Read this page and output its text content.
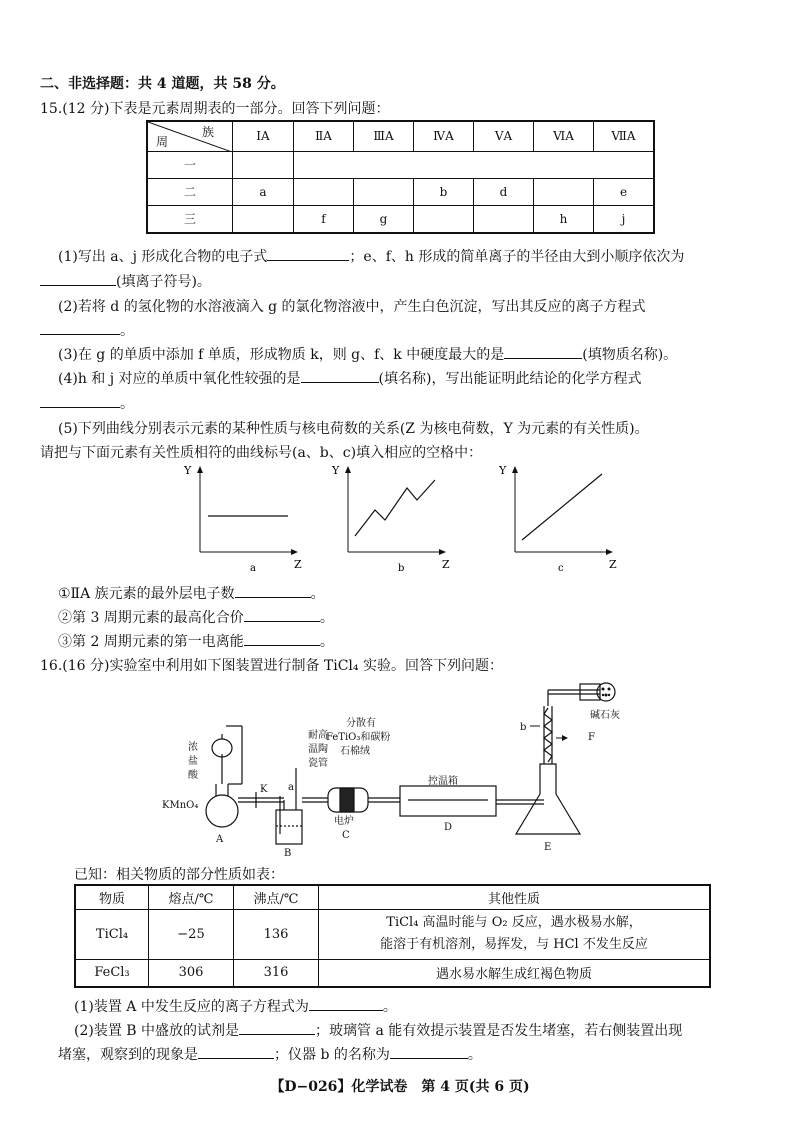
二、非选择题：共 4 道题，共 58 分。
15.(12 分)下表是元素周期表的一部分。回答下列问题：
族
周	ⅠA	ⅡA	ⅢA	ⅣA	ⅤA	ⅥA	ⅦA
一							
二	a			b	d		e
三		f	g			h	j
(1)写出 a、j 形成化合物的电子式	；e、f、h 形成的简单离子的半径由大到小顺序依次为
(填离子符号)。
(2)若将 d 的氢化物的水溶液滴入 g 的氯化物溶液中，产生白色沉淀，写出其反应的离子方程式
。
(3)在 g 的单质中添加 f 单质，形成物质 k，则 g、f、k 中硬度最大的是	(填物质名称)。
(4)h 和 j 对应的单质中氧化性较强的是	(填名称)，写出能证明此结论的化学方程式
。
(5)下列曲线分别表示元素的某种性质与核电荷数的关系(Z 为核电荷数，Y 为元素的有关性质)。
请把与下面元素有关性质相符的曲线标号(a、b、c)填入相应的空格中：
Y
Z
a
Y
Z
b
Y
Z
c
①ⅡA 族元素的最外层电子数	。
②第 3 周期元素的最高化合价	。
③第 2 周期元素的第一电离能	。
16.(16 分)实验室中利用如下图装置进行制备 TiCl₄ 实验。回答下列问题：
浓
盐
酸
KMnO₄
A
K a
B
耐高
温陶
瓷管
分散有
FeTiO₃和碳粉
石棉绒
电炉
C
控温箱
D
b
E
碱石灰
F
已知：相关物质的部分性质如表：
物质	熔点/℃	沸点/℃	其他性质
TiCl₄	−25	136	TiCl₄ 高温时能与 O₂ 反应，遇水极易水解，
能溶于有机溶剂，易挥发，与 HCl 不发生反应

FeCl₃	306	316	遇水易水解生成红褐色物质
(1)装置 A 中发生反应的离子方程式为	。
(2)装置 B 中盛放的试剂是	；玻璃管 a 能有效提示装置是否发生堵塞，若右侧装置出现
堵塞，观察到的现象是	；仪器 b 的名称为	。
【D−026】化学试卷　第 4 页(共 6 页)
